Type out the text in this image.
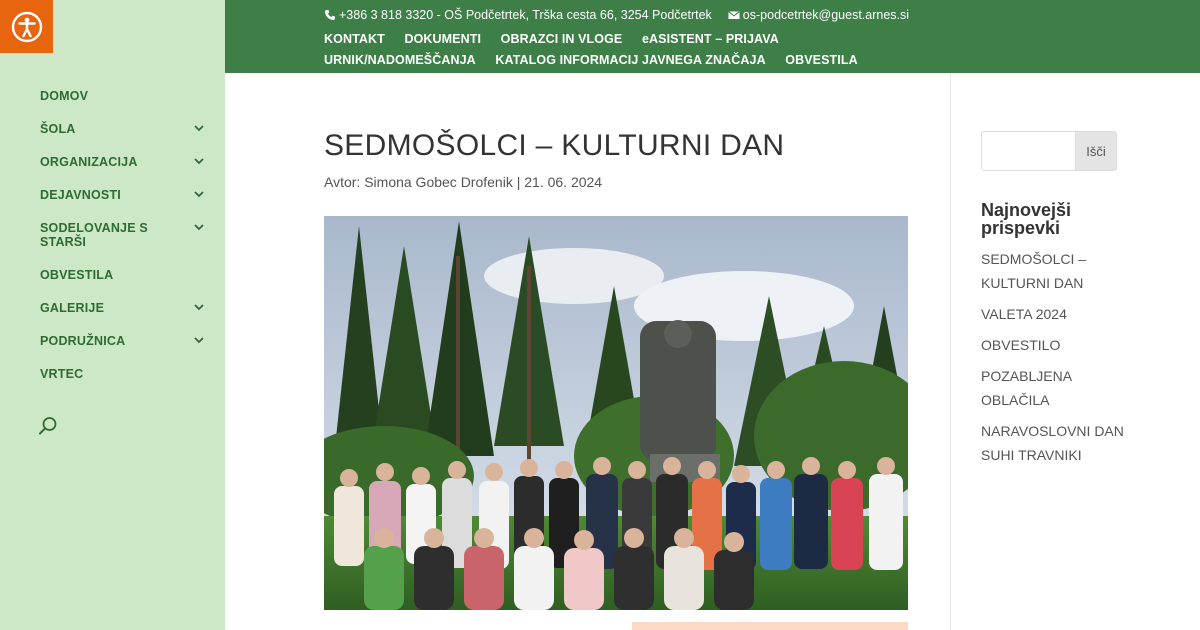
DOMOV
ŠOLA
ORGANIZACIJA
DEJAVNOSTI
SODELOVANJE S STARŠI
OBVESTILA
GALERIJE
PODRUŽNICA
VRTEC
+386 3 818 3320 - OŠ Podčetrtek, Trška cesta 66, 3254 Podčetrtek os-podcetrtek@guest.arnes.si
KONTAKT DOKUMENTI OBRAZCI IN VLOGE eASISTENT – PRIJAVA URNIK/NADOMEŠČANJA KATALOG INFORMACIJ JAVNEGA ZNAČAJA OBVESTILA
SEDMOŠOLCI – KULTURNI DAN
Avtor: Simona Gobec Drofenik | 21. 06. 2024
Išči
Najnovejši prispevki
SEDMOŠOLCI – KULTURNI DAN
VALETA 2024
OBVESTILO
POZABLJENA OBLAČILA
NARAVOSLOVNI DAN SUHI TRAVNIKI
